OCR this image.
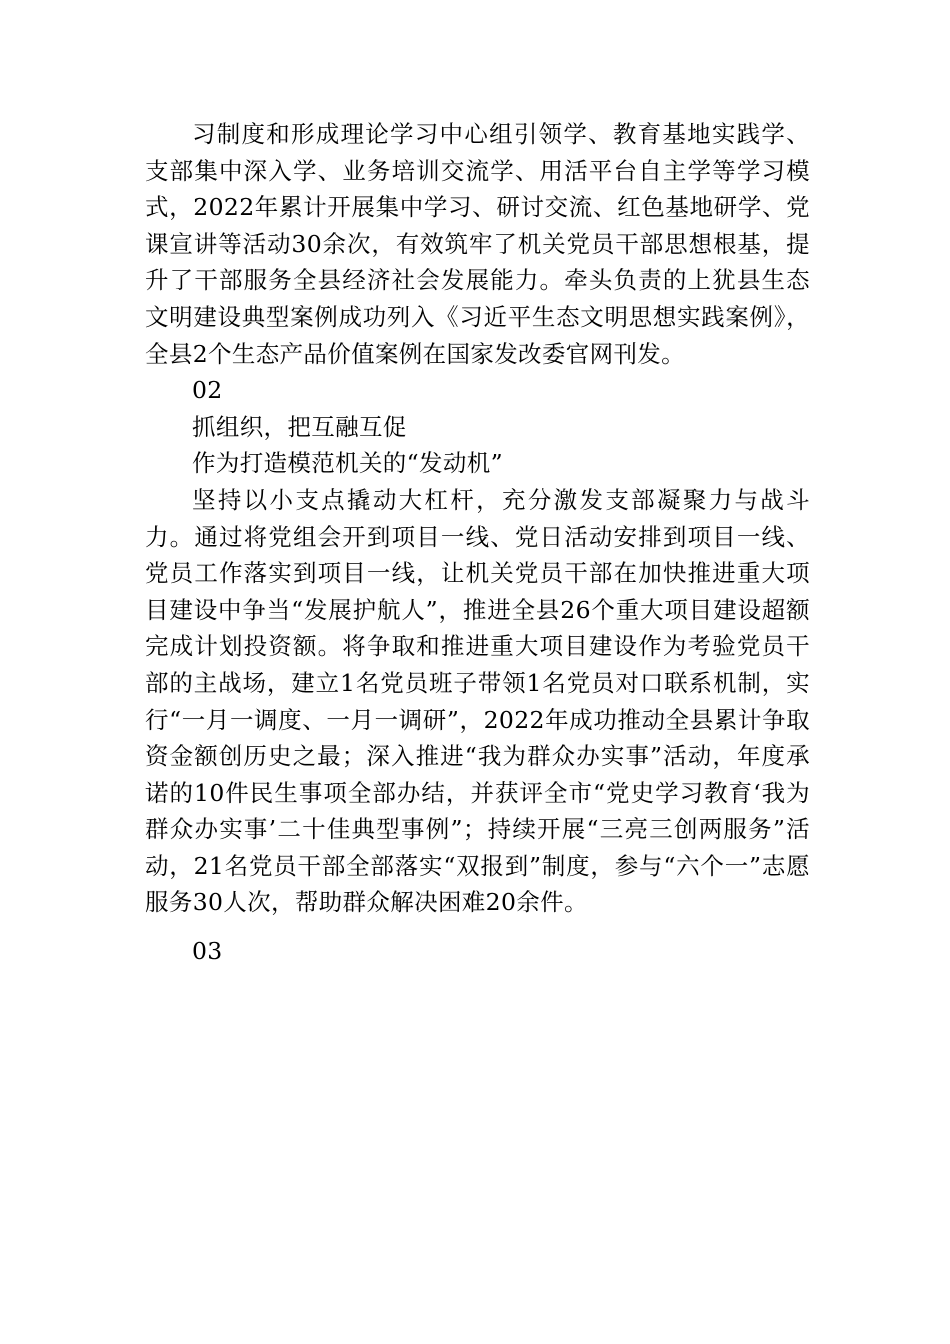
习制度和形成理论学习中心组引领学、教育基地实践学、支部集中深入学、业务培训交流学、用活平台自主学等学习模式，2022年累计开展集中学习、研讨交流、红色基地研学、党课宣讲等活动30余次，有效筑牢了机关党员干部思想根基，提升了干部服务全县经济社会发展能力。牵头负责的上犹县生态文明建设典型案例成功列入《习近平生态文明思想实践案例》，全县2个生态产品价值案例在国家发改委官网刊发。

02

抓组织，把互融互促

作为打造模范机关的“发动机”

坚持以小支点撬动大杠杆，充分激发支部凝聚力与战斗力。通过将党组会开到项目一线、党日活动安排到项目一线、党员工作落实到项目一线，让机关党员干部在加快推进重大项目建设中争当“发展护航人”，推进全县26个重大项目建设超额完成计划投资额。将争取和推进重大项目建设作为考验党员干部的主战场，建立1名党员班子带领1名党员对口联系机制，实行“一月一调度、一月一调研”，2022年成功推动全县累计争取资金额创历史之最；深入推进“我为群众办实事”活动，年度承诺的10件民生事项全部办结，并获评全市“党史学习教育‘我为群众办实事’二十佳典型事例”；持续开展“三亮三创两服务”活动，21名党员干部全部落实“双报到”制度，参与“六个一”志愿服务30人次，帮助群众解决困难20余件。

03
